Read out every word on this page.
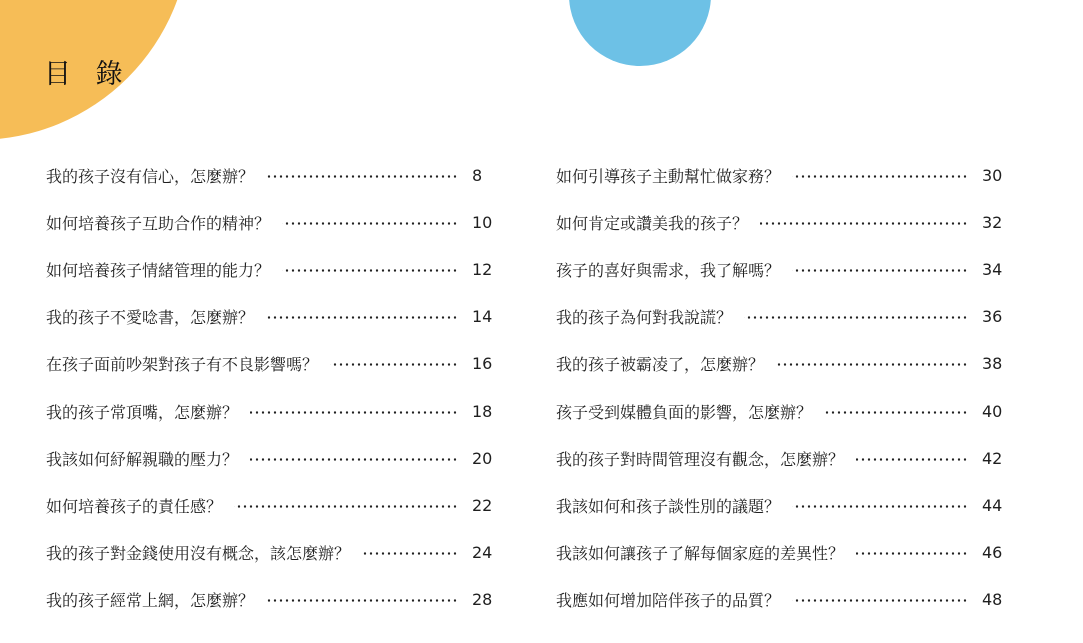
目 錄
我的孩子沒有信心，怎麼辦？	8
如何培養孩子互助合作的精神？	10
如何培養孩子情緒管理的能力？	12
我的孩子不愛唸書，怎麼辦？	14
在孩子面前吵架對孩子有不良影響嗎？	16
我的孩子常頂嘴，怎麼辦？	18
我該如何紓解親職的壓力？	20
如何培養孩子的責任感？	22
我的孩子對金錢使用沒有概念，該怎麼辦？	24
我的孩子經常上網，怎麼辦？	28
如何引導孩子主動幫忙做家務？	30
如何肯定或讚美我的孩子？	32
孩子的喜好與需求，我了解嗎？	34
我的孩子為何對我說謊？	36
我的孩子被霸凌了，怎麼辦？	38
孩子受到媒體負面的影響，怎麼辦？	40
我的孩子對時間管理沒有觀念，怎麼辦？	42
我該如何和孩子談性別的議題？	44
我該如何讓孩子了解每個家庭的差異性？	46
我應如何增加陪伴孩子的品質？	48
